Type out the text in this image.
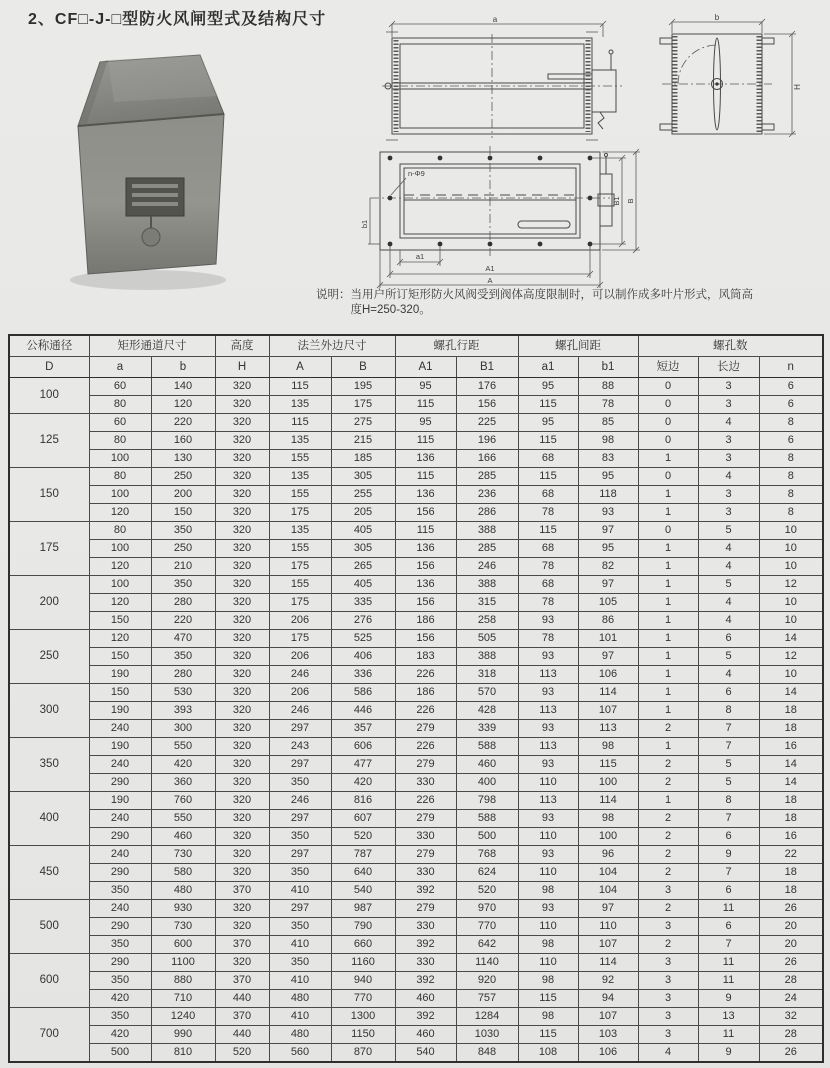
2、CF□-J-□型防火风闸型式及结构尺寸	a	b
H
n-Φ9
b1
a1
A1
A
B1 B
说明： 当用户所订矩形防火风阀受到阀体高度限制时，可以制作成多叶片形式，风筒高
度H=250-320。
公称通径	矩形通道尺寸		高度	法兰外边尺寸		螺孔行距		螺孔间距		螺孔数		
D	a	b	H	A	B	A1	B1	a1	b1	短边	长边	n
100	60	140	320	115	195	95	176	95	88	0	3	6
	80	120	320	135	175	115	156	115	78	0	3	6
125	60	220	320	115	275	95	225	95	85	0	4	8
	80	160	320	135	215	115	196	115	98	0	3	6
	100	130	320	155	185	136	166	68	83	1	3	8
150	80	250	320	135	305	115	285	115	95	0	4	8
	100	200	320	155	255	136	236	68	118	1	3	8
	120	150	320	175	205	156	286	78	93	1	3	8
175	80	350	320	135	405	115	388	115	97	0	5	10
	100	250	320	155	305	136	285	68	95	1	4	10
	120	210	320	175	265	156	246	78	82	1	4	10
200	100	350	320	155	405	136	388	68	97	1	5	12
	120	280	320	175	335	156	315	78	105	1	4	10
	150	220	320	206	276	186	258	93	86	1	4	10
250	120	470	320	175	525	156	505	78	101	1	6	14
	150	350	320	206	406	183	388	93	97	1	5	12
	190	280	320	246	336	226	318	113	106	1	4	10
300	150	530	320	206	586	186	570	93	114	1	6	14
	190	393	320	246	446	226	428	113	107	1	8	18
	240	300	320	297	357	279	339	93	113	2	7	18
350	190	550	320	243	606	226	588	113	98	1	7	16
	240	420	320	297	477	279	460	93	115	2	5	14
	290	360	320	350	420	330	400	110	100	2	5	14
400	190	760	320	246	816	226	798	113	114	1	8	18
	240	550	320	297	607	279	588	93	98	2	7	18
	290	460	320	350	520	330	500	110	100	2	6	16
450	240	730	320	297	787	279	768	93	96	2	9	22
	290	580	320	350	640	330	624	110	104	2	7	18
	350	480	370	410	540	392	520	98	104	3	6	18
500	240	930	320	297	987	279	970	93	97	2	11	26
	290	730	320	350	790	330	770	110	110	3	6	20
	350	600	370	410	660	392	642	98	107	2	7	20
600	290	1100	320	350	1160	330	1140	110	114	3	11	26
	350	880	370	410	940	392	920	98	92	3	11	28
	420	710	440	480	770	460	757	115	94	3	9	24
700	350	1240	370	410	1300	392	1284	98	107	3	13	32
	420	990	440	480	1150	460	1030	115	103	3	11	28
	500	810	520	560	870	540	848	108	106	4	9	26
